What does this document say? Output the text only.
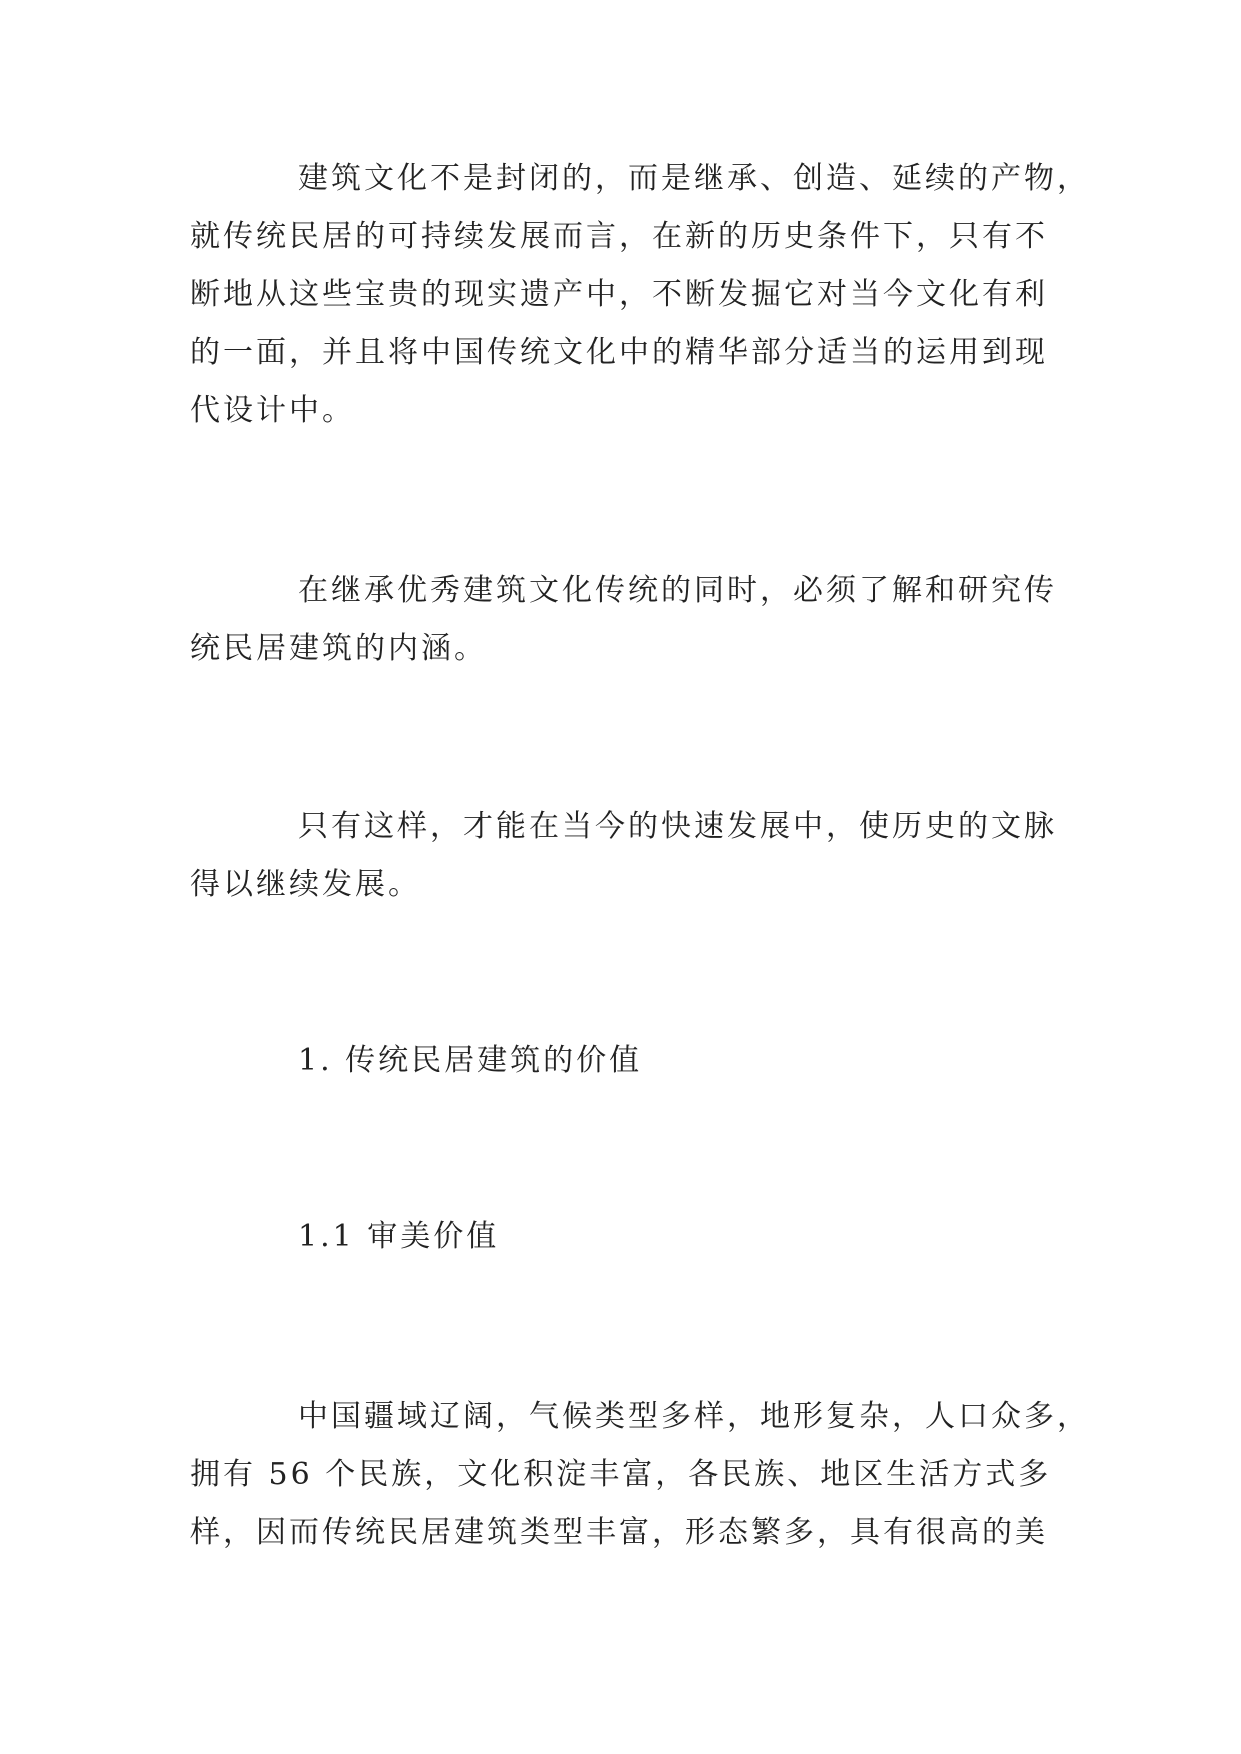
建筑文化不是封闭的，而是继承、创造、延续的产物，
就传统民居的可持续发展而言，在新的历史条件下，只有不
断地从这些宝贵的现实遗产中，不断发掘它对当今文化有利
的一面，并且将中国传统文化中的精华部分适当的运用到现
代设计中。
在继承优秀建筑文化传统的同时，必须了解和研究传
统民居建筑的内涵。
只有这样，才能在当今的快速发展中，使历史的文脉
得以继续发展。
1. 传统民居建筑的价值
1.1 审美价值
中国疆域辽阔，气候类型多样，地形复杂，人口众多，
拥有 56 个民族，文化积淀丰富，各民族、地区生活方式多
样，因而传统民居建筑类型丰富，形态繁多，具有很高的美
